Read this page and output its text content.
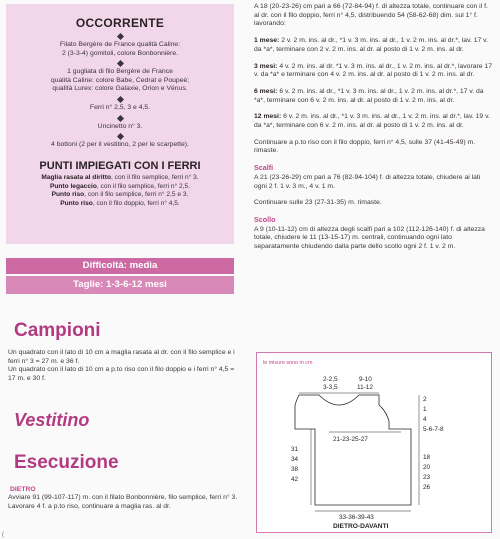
OCCORRENTE
Filato Bergère de France qualità Caline:
2 (3-3-4) gomitoli, colore Bonbonnière.
1 gugliata di filo Bergère de France
qualità Caline: colore Babe, Cedrat e Poupeé;
qualità Lurex: colore Galaxie, Orion e Vénus.
Ferri n° 2,5, 3 e 4,5.
Uncinetto n° 3.
4 bottoni (2 per il vestitino, 2 per le scarpette).
PUNTI IMPIEGATI CON I FERRI
Maglia rasata al diritto, con il filo semplice, ferri n° 3.
Punto legaccio, con il filo semplice, ferri n° 2,5.
Punto riso, con il filo semplice, ferri n° 2,5 e 3.
Punto riso, con il filo doppio, ferri n° 4,5.
Difficoltà: media
Taglie: 1-3-6-12 mesi
Campioni
Un quadrato con il lato di 10 cm a maglia rasata al dr. con il filo semplice e i ferri n° 3 = 27 m. e 36 f.
Un quadrato con il lato di 10 cm a p.to riso con il filo doppio e i ferri n° 4,5 = 17 m. e 30 f.
Vestitino
Esecuzione
DIETRO
Avviare 91 (99-107-117) m. con il filato Bonbonnière, filo semplice, ferri n° 3.
Lavorare 4 f. a p.to riso, continuare a maglia ras. al dr.
A 18 (20-23-26) cm pari a 66 (72-84-94) f. di altezza totale, continuare con il f. al dr. con il filo doppio, ferri n° 4,5, distribuendo 54 (58-62-68) dim. sul 1° f. lavorando:
1 mese: 2 v. 2 m. ins. al dr., *1 v. 3 m. ins. al dr., 1 v. 2 m. ins. al dr.*, lav. 17 v. da *a*, terminare con 2 v. 2 m. ins. al dr. al posto di 1 v. 2 m. ins. al dr.
3 mesi: 4 v. 2 m. ins. al dr. *1 v. 3 m. ins. al dr., 1 v. 2 m. ins. al dr.*, lavorare 17 v. da *a* e terminare con 4 v. 2 m. ins. al dr. al posto di 1 v. 2 m. ins. al dr.
6 mesi: 6 v. 2 m. ins. al dr., *1 v. 3 m. ins. al dr., 1 v. 2 m. ins. al dr.*, 17 v. da *a*, terminare con 6 v. 2 m. ins. al dr. al posto di 1 v. 2 m. ins. al dr.
12 mesi: 6 v. 2 m. ins. al dr., *1 v. 3 m. ins. al dr., 1 v. 2 m. ins. al dr.*, lav. 19 v. da *a*, terminare con 6 v. 2 m. ins. al dr. al posto di 1 v. 2 m. ins. al dr.
Continuare a p.to riso con il filo doppio, ferri n° 4,5, sulle 37 (41-45-49) m. rimaste.
Scalfi
A 21 (23-26-29) cm pari a 76 (82-94-104) f. di altezza totale, chiudere ai lati ogni 2 f. 1 v. 3 m., 4 v. 1 m.
Continuare sulle 23 (27-31-35) m. rimaste.
Scollo
A 9 (10-11-12) cm di altezza degli scalfi pari a 102 (112-126-140) f. di altezza totale, chiudere le 11 (13-15-17) m. centrali, continuando ogni lato separatamente chiudendo dalla parte dello scollo ogni 2 f. 1 v. 2 m.
le misure sono in cm
2-2,5
3-3,5
9-10
11-12
21-23-25-27
2
1
4
5-6-7-8
18
20
23
26
31
34
38
42
33-36-39-43
DIETRO-DAVANTI
(
